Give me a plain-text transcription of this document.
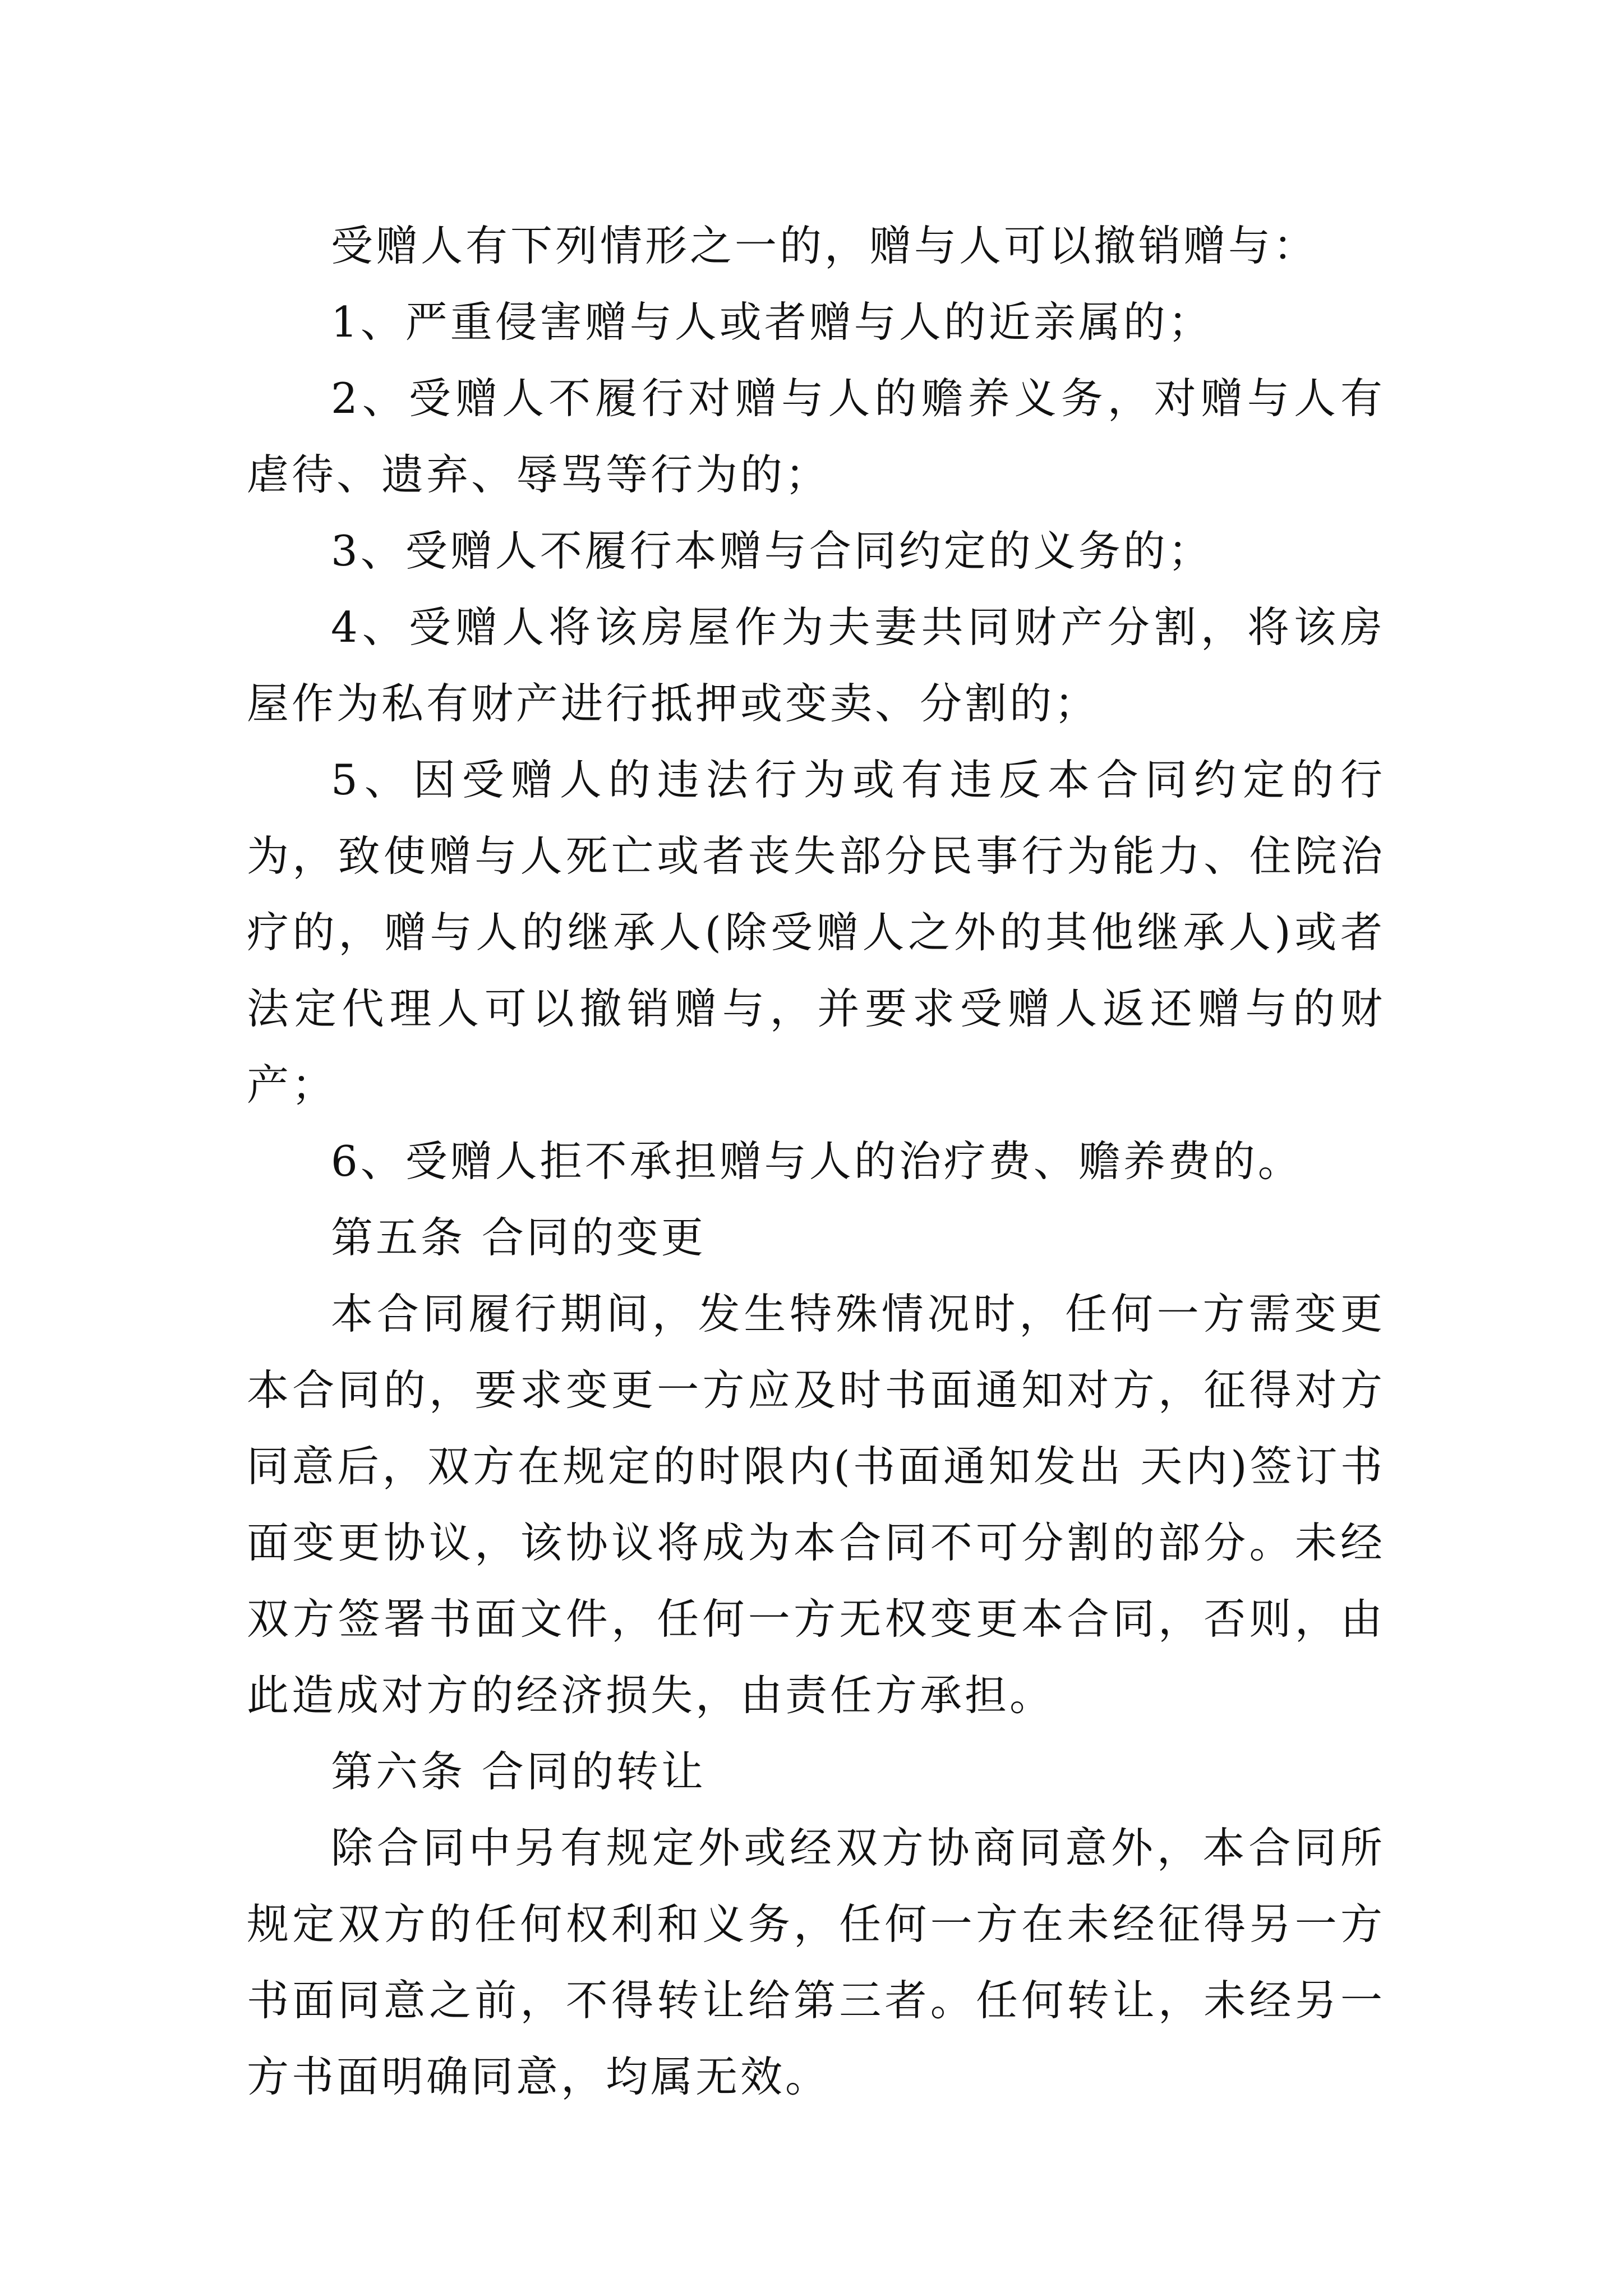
受赠人有下列情形之一的，赠与人可以撤销赠与：

1、严重侵害赠与人或者赠与人的近亲属的；

2、受赠人不履行对赠与人的赡养义务，对赠与人有虐待、遗弃、辱骂等行为的；

3、受赠人不履行本赠与合同约定的义务的；

4、受赠人将该房屋作为夫妻共同财产分割，将该房屋作为私有财产进行抵押或变卖、分割的；

5、因受赠人的违法行为或有违反本合同约定的行为，致使赠与人死亡或者丧失部分民事行为能力、住院治疗的，赠与人的继承人(除受赠人之外的其他继承人)或者法定代理人可以撤销赠与，并要求受赠人返还赠与的财产；

6、受赠人拒不承担赠与人的治疗费、赡养费的。

第五条 合同的变更

本合同履行期间，发生特殊情况时，任何一方需变更本合同的，要求变更一方应及时书面通知对方，征得对方同意后，双方在规定的时限内(书面通知发出 天内)签订书面变更协议，该协议将成为本合同不可分割的部分。未经双方签署书面文件，任何一方无权变更本合同，否则，由此造成对方的经济损失，由责任方承担。

第六条 合同的转让

除合同中另有规定外或经双方协商同意外，本合同所规定双方的任何权利和义务，任何一方在未经征得另一方书面同意之前，不得转让给第三者。任何转让，未经另一方书面明确同意，均属无效。
